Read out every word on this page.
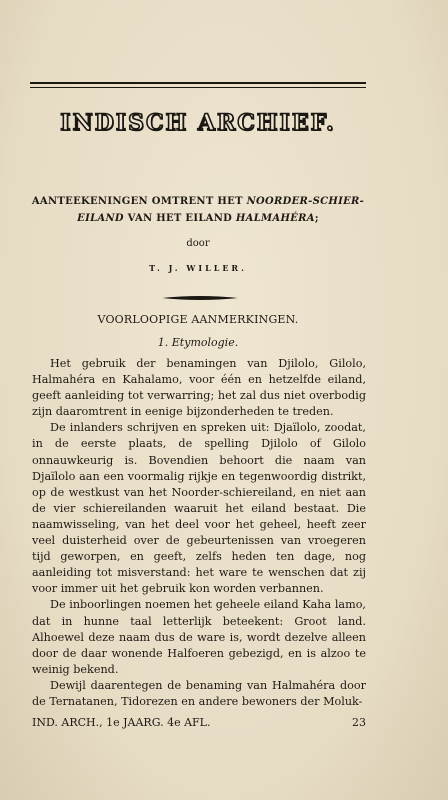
INDISCH ARCHIEF.
AANTEEKENINGEN OMTRENT HET NOORDER-SCHIER-
EILAND VAN HET EILAND HALMAHÉRA;
door
T. J. WILLER.
VOORLOOPIGE AANMERKINGEN.
1. Etymologie.

Het gebruik der benamingen van Djilolo, Gilolo, Halmahéra en Kahalamo, voor één en hetzelfde eiland, geeft aanleiding tot verwarring; het zal dus niet overbodig zijn daaromtrent in eenige bijzonderheden te treden.

De inlanders schrijven en spreken uit: Djaïlolo, zoodat, in de eerste plaats, de spelling Djilolo of Gilolo onnauwkeurig is. Bovendien behoort die naam van Djaïlolo aan een voormalig rijkje en tegenwoordig distrikt, op de westkust van het Noorder-schiereiland, en niet aan de vier schiereilanden waaruit het eiland bestaat. Die naamwisseling, van het deel voor het geheel, heeft zeer veel duisterheid over de gebeurtenissen van vroegeren tijd geworpen, en geeft, zelfs heden ten dage, nog aanleiding tot misverstand: het ware te wenschen dat zij voor immer uit het gebruik kon worden verbannen.

De inboorlingen noemen het geheele eiland Kaha lamo, dat in hunne taal letterlijk beteekent: Groot land. Alhoewel deze naam dus de ware is, wordt dezelve alleen door de daar wonende Halfoeren gebezigd, en is alzoo te weinig bekend.

Dewijl daarentegen de benaming van Halmahéra door de Ternatanen, Tidorezen en andere bewoners der Moluk-

IND. ARCH., 1e JAARG. 4e AFL.	23
